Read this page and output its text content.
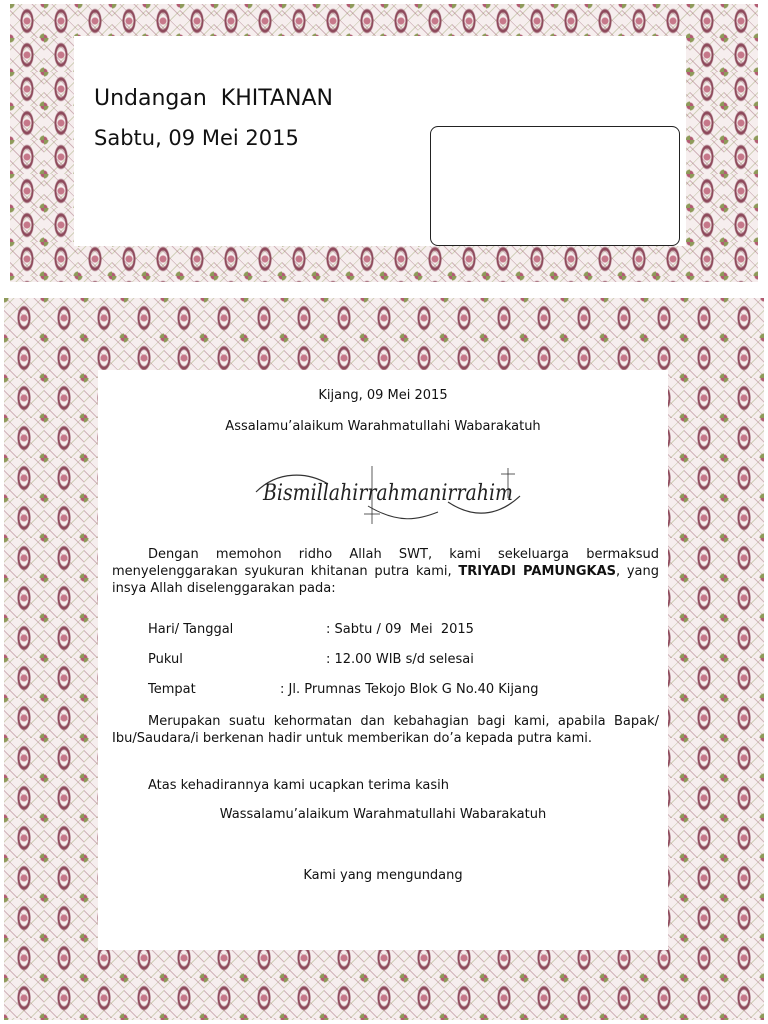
Undangan  KHITANAN
Sabtu, 09 Mei 2015
Kijang, 09 Mei 2015
Assalamu’alaikum Warahmatullahi Wabarakatuh
Bismillahirrahmanirrahim

Dengan memohon ridho Allah SWT, kami sekeluarga bermaksud menyelenggarakan syukuran khitanan putra kami, TRIYADI PAMUNGKAS, yang insya Allah diselenggarakan pada:

Hari/ Tanggal

	: Sabtu / 09  Mei  2015

Pukul

	: 12.00 WIB s/d selesai

Tempat

	: Jl. Prumnas Tekojo Blok G No.40 Kijang

Merupakan suatu kehormatan dan kebahagian bagi kami, apabila Bapak/ Ibu/Saudara/i berkenan hadir untuk memberikan do’a kepada putra kami.

Atas kehadirannya kami ucapkan terima kasih
Wassalamu’alaikum Warahmatullahi Wabarakatuh
Kami yang mengundang
